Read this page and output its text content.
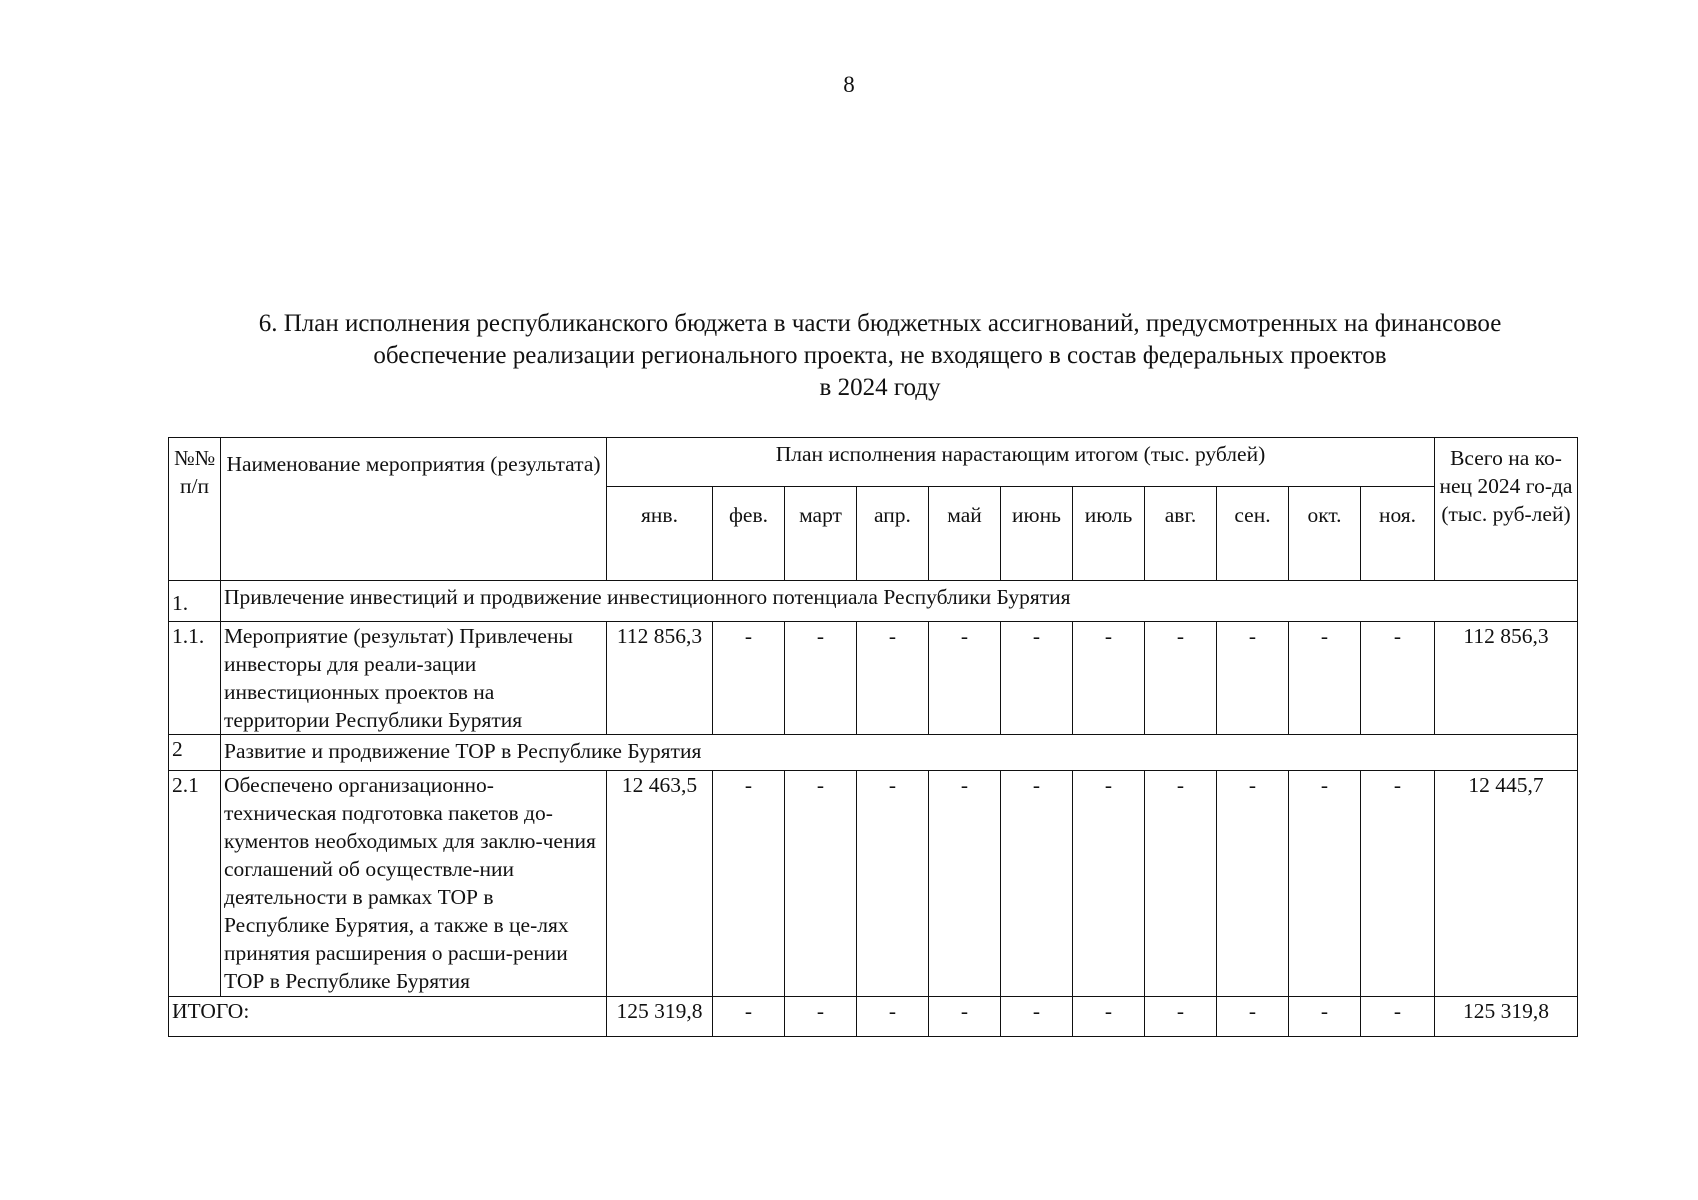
8
6. План исполнения республиканского бюджета в части бюджетных ассигнований, предусмотренных на финансовое
обеспечение реализации регионального проекта, не входящего в состав федеральных проектов
в 2024 году
№№ п/п	Наименование мероприятия (результата)	План исполнения нарастающим итогом (тыс. рублей)											Всего на ко-нец 2024 го-да (тыс. руб-лей)
		янв.	фев.	март	апр.	май	июнь	июль	авг.	сен.	окт.	ноя.	
1.	Привлечение инвестиций и продвижение инвестиционного потенциала Республики Бурятия												
1.1.	Мероприятие (результат) Привлечены инвесторы для реали-зации инвестиционных проектов на территории Республики Бурятия	112 856,3	-	-	-	-	-	-	-	-	-	-	112 856,3
2	Развитие и продвижение ТОР в Республике Бурятия												
2.1	Обеспечено организационно-техническая подготовка пакетов до-кументов необходимых для заклю-чения соглашений об осуществле-нии деятельности в рамках ТОР в Республике Бурятия, а также в це-лях принятия расширения о расши-рении ТОР в Республике Бурятия	12 463,5	-	-	-	-	-	-	-	-	-	-	12 445,7
ИТОГО:		125 319,8	-	-	-	-	-	-	-	-	-	-	125 319,8
